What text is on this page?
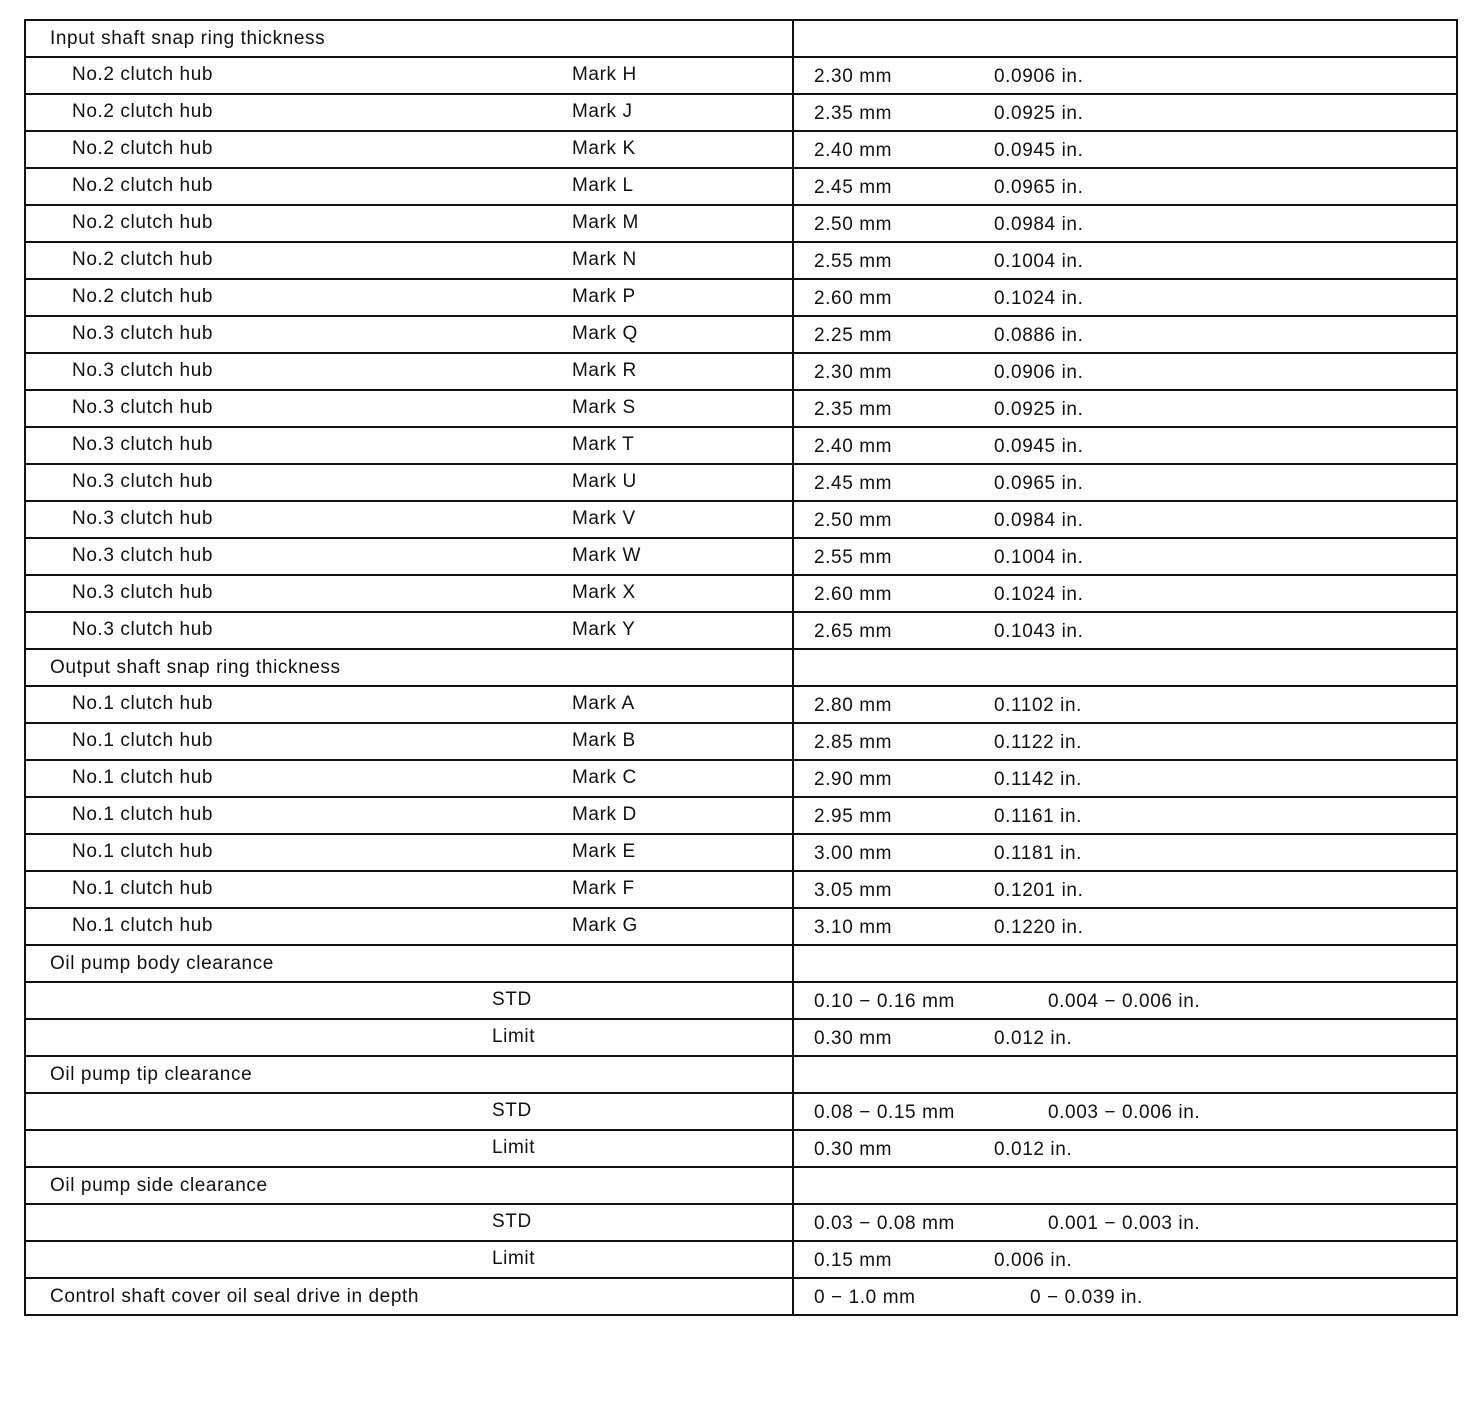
Input shaft snap ring thickness	

No.2 clutch hub Mark H	2.30 mm 0.0906 in.

No.2 clutch hub Mark J	2.35 mm 0.0925 in.

No.2 clutch hub Mark K	2.40 mm 0.0945 in.

No.2 clutch hub Mark L	2.45 mm 0.0965 in.

No.2 clutch hub Mark M	2.50 mm 0.0984 in.

No.2 clutch hub Mark N	2.55 mm 0.1004 in.

No.2 clutch hub Mark P	2.60 mm 0.1024 in.

No.3 clutch hub Mark Q	2.25 mm 0.0886 in.

No.3 clutch hub Mark R	2.30 mm 0.0906 in.

No.3 clutch hub Mark S	2.35 mm 0.0925 in.

No.3 clutch hub Mark T	2.40 mm 0.0945 in.

No.3 clutch hub Mark U	2.45 mm 0.0965 in.

No.3 clutch hub Mark V	2.50 mm 0.0984 in.

No.3 clutch hub Mark W	2.55 mm 0.1004 in.

No.3 clutch hub Mark X	2.60 mm 0.1024 in.

No.3 clutch hub Mark Y	2.65 mm 0.1043 in.

Output shaft snap ring thickness	

No.1 clutch hub Mark A	2.80 mm 0.1102 in.

No.1 clutch hub Mark B	2.85 mm 0.1122 in.

No.1 clutch hub Mark C	2.90 mm 0.1142 in.

No.1 clutch hub Mark D	2.95 mm 0.1161 in.

No.1 clutch hub Mark E	3.00 mm 0.1181 in.

No.1 clutch hub Mark F	3.05 mm 0.1201 in.

No.1 clutch hub Mark G	3.10 mm 0.1220 in.

Oil pump body clearance	

STD	0.10 − 0.16 mm 0.004 − 0.006 in.

Limit	0.30 mm 0.012 in.

Oil pump tip clearance	

STD	0.08 − 0.15 mm 0.003 − 0.006 in.

Limit	0.30 mm 0.012 in.

Oil pump side clearance	

STD	0.03 − 0.08 mm 0.001 − 0.003 in.

Limit	0.15 mm 0.006 in.

Control shaft cover oil seal drive in depth	0 − 1.0 mm 0 − 0.039 in.
